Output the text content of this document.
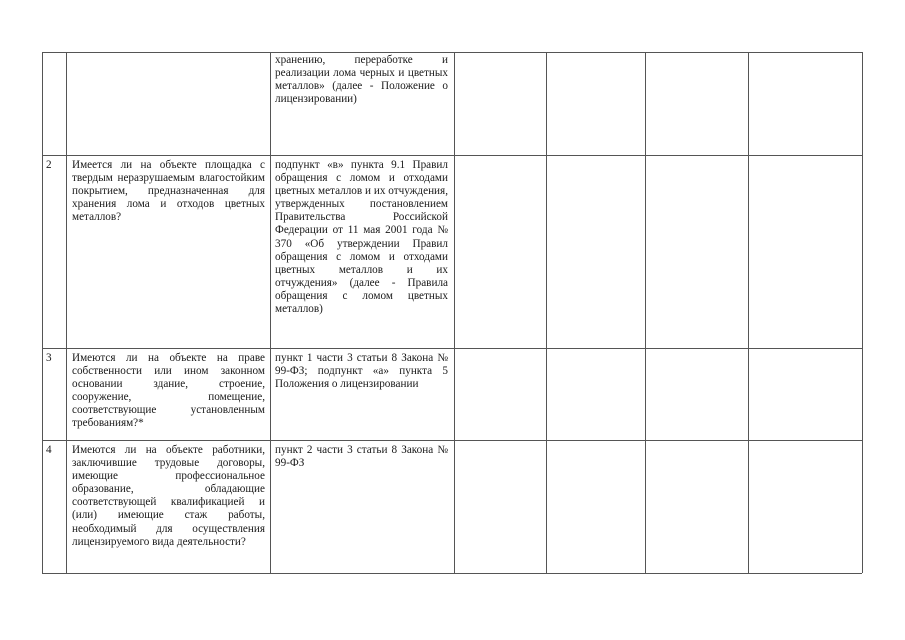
хранению, переработке и реализации лома черных и цветных металлов» (далее - Положение о лицензировании)
2 Имеется ли на объекте площадка с твердым неразрушаемым влагостойким покрытием, предназначенная для хранения лома и отходов цветных металлов?
подпункт «в» пункта 9.1 Правил обращения с ломом и отходами цветных металлов и их отчуждения, утвержденных постановлением Правительства Российской Федерации от 11 мая 2001 года № 370 «Об утверждении Правил обращения с ломом и отходами цветных металлов и их отчуждения» (далее - Правила обращения с ломом цветных металлов)
3 Имеются ли на объекте на праве собственности или ином законном основании здание, строение, сооружение, помещение, соответствующие установленным требованиям?*
пункт 1 части 3 статьи 8 Закона № 99-ФЗ; подпункт «а» пункта 5 Положения о лицензировании
4 Имеются ли на объекте работники, заключившие трудовые договоры, имеющие профессиональное образование, обладающие соответствующей квалификацией и (или) имеющие стаж работы, необходимый для осуществления лицензируемого вида деятельности?
пункт 2 части 3 статьи 8 Закона № 99-ФЗ
